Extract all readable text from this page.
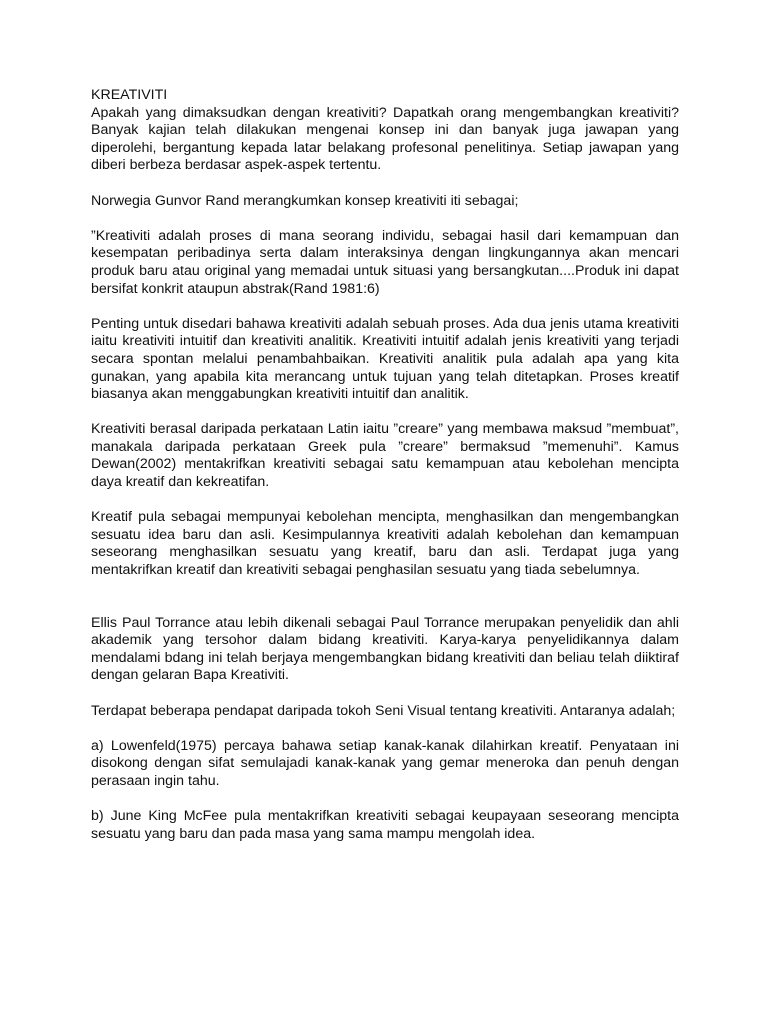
KREATIVITI

Apakah yang dimaksudkan dengan kreativiti? Dapatkah orang mengembangkan kreativiti? Banyak kajian telah dilakukan mengenai konsep ini dan banyak juga jawapan yang diperolehi, bergantung kepada latar belakang profesonal penelitinya. Setiap jawapan yang diberi berbeza berdasar aspek-aspek tertentu.

Norwegia Gunvor Rand merangkumkan konsep kreativiti iti sebagai;

”Kreativiti adalah proses di mana seorang individu, sebagai hasil dari kemampuan dan kesempatan peribadinya serta dalam interaksinya dengan lingkungannya akan mencari produk baru atau original yang memadai untuk situasi yang bersangkutan....Produk ini dapat bersifat konkrit ataupun abstrak(Rand 1981:6)

Penting untuk disedari bahawa kreativiti adalah sebuah proses. Ada dua jenis utama kreativiti iaitu kreativiti intuitif dan kreativiti analitik. Kreativiti intuitif adalah jenis kreativiti yang terjadi secara spontan melalui penambahbaikan. Kreativiti analitik pula adalah apa yang kita gunakan, yang apabila kita merancang untuk tujuan yang telah ditetapkan. Proses kreatif biasanya akan menggabungkan kreativiti intuitif dan analitik.

Kreativiti berasal daripada perkataan Latin iaitu ”creare” yang membawa maksud ”membuat”, manakala daripada perkataan Greek pula ”creare” bermaksud ”memenuhi”. Kamus Dewan(2002) mentakrifkan kreativiti sebagai satu kemampuan atau kebolehan mencipta daya kreatif dan kekreatifan.

Kreatif pula sebagai mempunyai kebolehan mencipta, menghasilkan dan mengembangkan sesuatu idea baru dan asli. Kesimpulannya kreativiti adalah kebolehan dan kemampuan seseorang menghasilkan sesuatu yang kreatif, baru dan asli. Terdapat juga yang mentakrifkan kreatif dan kreativiti sebagai penghasilan sesuatu yang tiada sebelumnya.

Ellis Paul Torrance atau lebih dikenali sebagai Paul Torrance merupakan penyelidik dan ahli akademik yang tersohor dalam bidang kreativiti. Karya-karya penyelidikannya dalam mendalami bdang ini telah berjaya mengembangkan bidang kreativiti dan beliau telah diiktiraf dengan gelaran Bapa Kreativiti.

Terdapat beberapa pendapat daripada tokoh Seni Visual tentang kreativiti. Antaranya adalah;

a) Lowenfeld(1975) percaya bahawa setiap kanak-kanak dilahirkan kreatif. Penyataan ini disokong dengan sifat semulajadi kanak-kanak yang gemar meneroka dan penuh dengan perasaan ingin tahu.

b) June King McFee pula mentakrifkan kreativiti sebagai keupayaan seseorang mencipta sesuatu yang baru dan pada masa yang sama mampu mengolah idea.
